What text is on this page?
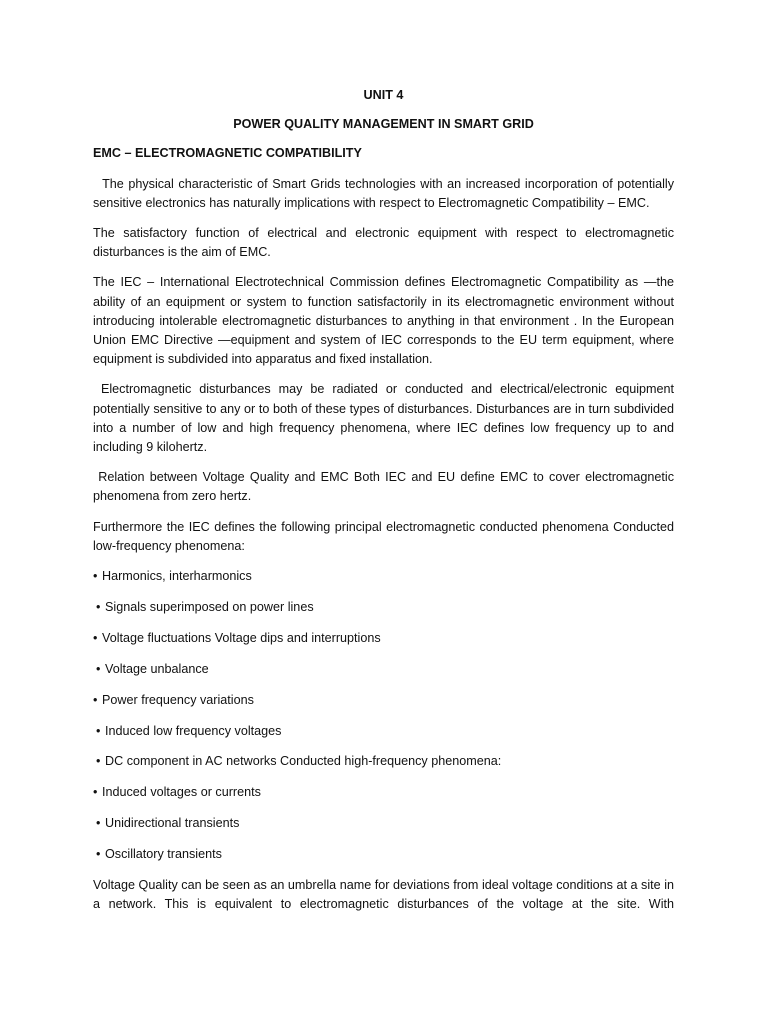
UNIT 4
POWER QUALITY MANAGEMENT IN SMART GRID
EMC – ELECTROMAGNETIC COMPATIBILITY

The physical characteristic of Smart Grids technologies with an increased incorporation of potentially sensitive electronics has naturally implications with respect to Electromagnetic Compatibility – EMC.

The satisfactory function of electrical and electronic equipment with respect to electromagnetic disturbances is the aim of EMC.

The IEC – International Electrotechnical Commission defines Electromagnetic Compatibility as ―the ability of an equipment or system to function satisfactorily in its electromagnetic environment without introducing intolerable electromagnetic disturbances to anything in that environment . In the European Union EMC Directive ―equipment and system of IEC corresponds to the EU term equipment, where equipment is subdivided into apparatus and fixed installation.

Electromagnetic disturbances may be radiated or conducted and electrical/electronic equipment potentially sensitive to any or to both of these types of disturbances. Disturbances are in turn subdivided into a number of low and high frequency phenomena, where IEC defines low frequency up to and including 9 kilohertz.

Relation between Voltage Quality and EMC Both IEC and EU define EMC to cover electromagnetic phenomena from zero hertz.

Furthermore the IEC defines the following principal electromagnetic conducted phenomena Conducted low-frequency phenomena:

• Harmonics, interharmonics
• Signals superimposed on power lines
• Voltage fluctuations Voltage dips and interruptions
• Voltage unbalance
• Power frequency variations
• Induced low frequency voltages
• DC component in AC networks Conducted high-frequency phenomena:
• Induced voltages or currents
• Unidirectional transients
• Oscillatory transients

Voltage Quality can be seen as an umbrella name for deviations from ideal voltage conditions at a site in a network. This is equivalent to electromagnetic disturbances of the voltage at the site. With
